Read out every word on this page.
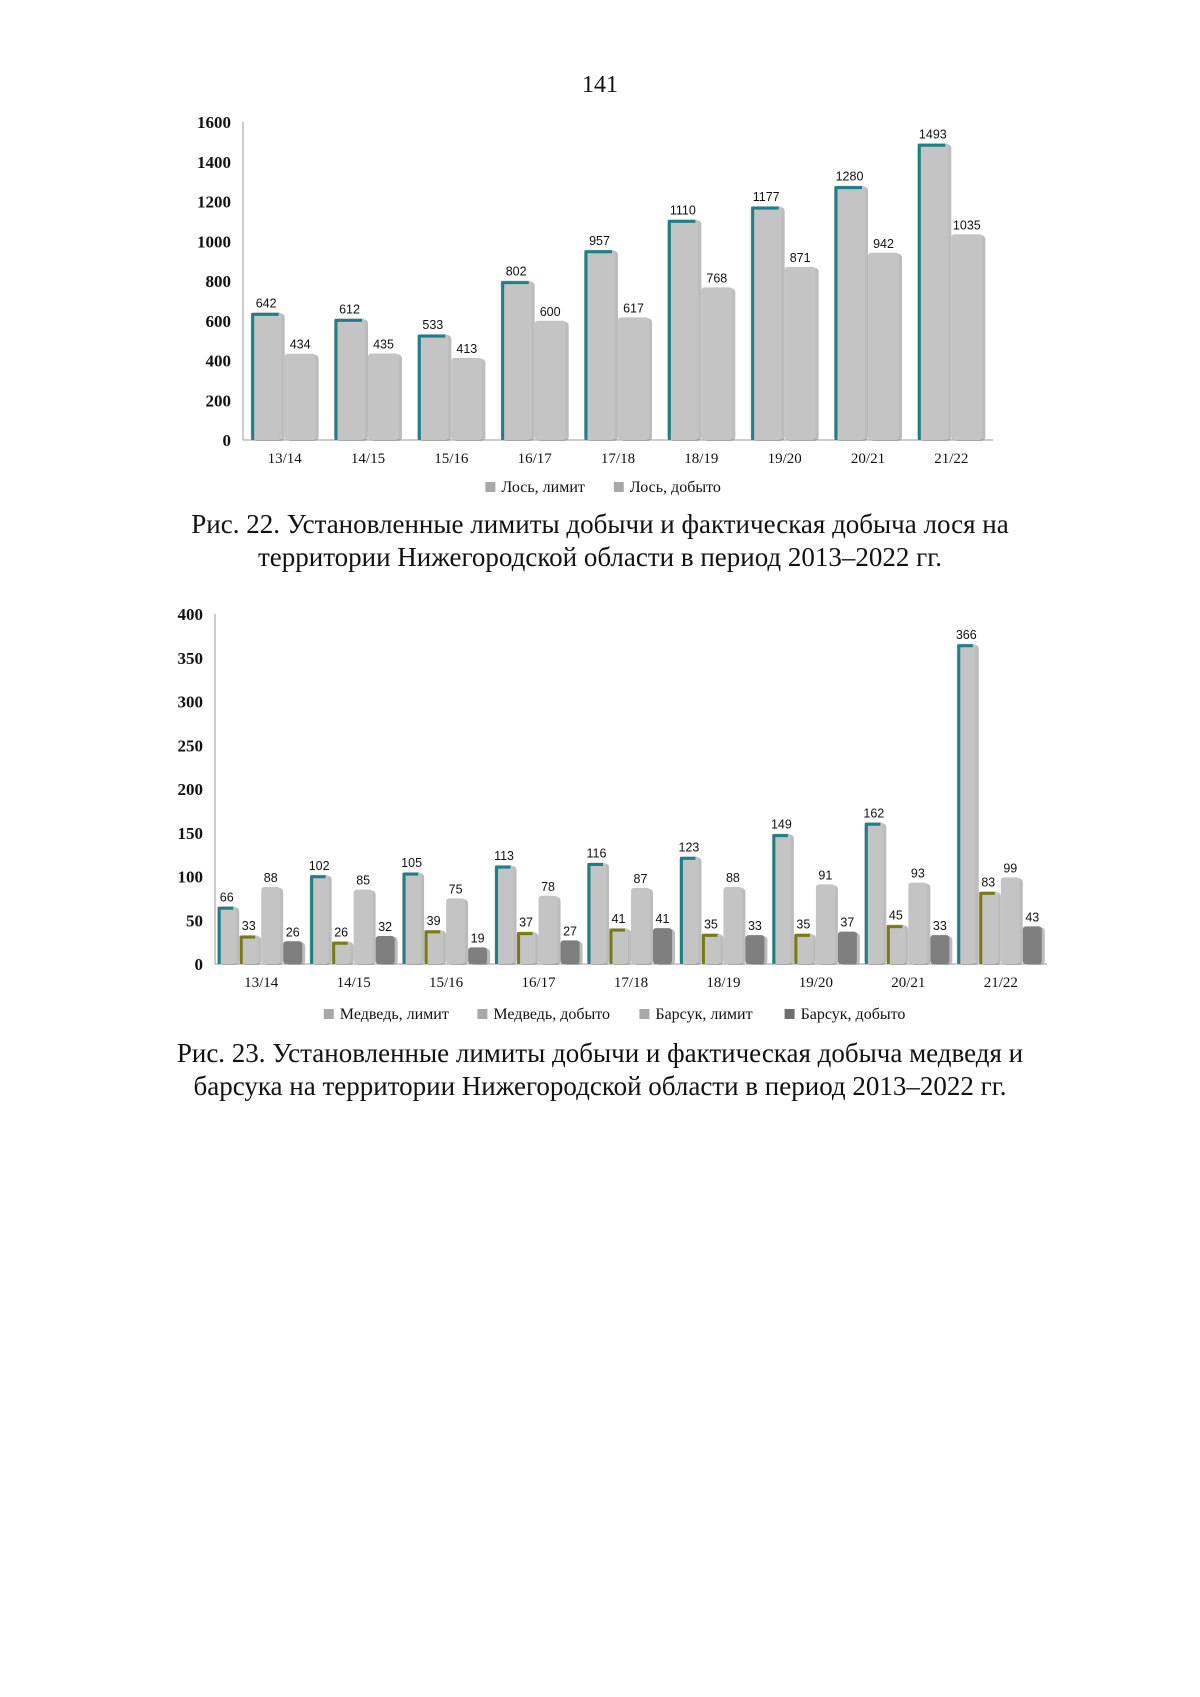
141
0
200
400
600
800
1000
1200
1400
1600
642
434
13/14
612
435
14/15
533
413
15/16
802
600
16/17
957
617
17/18
1110
768
18/19
1177
871
19/20
1280
942
20/21
1493
1035
21/22
Лось, лимит	Лось, добыто
Рис. 22. Установленные лимиты добычи и фактическая добыча лося на территории Нижегородской области в период 2013–2022 гг.
0
50
100
150
200
250
300
350
400
66
33
88
26
13/14
102
26
85
32
14/15
105
39
75
19
15/16
113
37
78
27
16/17
116
41
87
41
17/18
123
35
88
33
18/19
149
35
91
37
19/20
162
45
93
33
20/21
366
83
99
43
21/22
Медведь, лимит	Медведь, добыто	Барсук, лимит	Барсук, добыто
Рис. 23. Установленные лимиты добычи и фактическая добыча медведя и барсука на территории Нижегородской области в период 2013–2022 гг.
